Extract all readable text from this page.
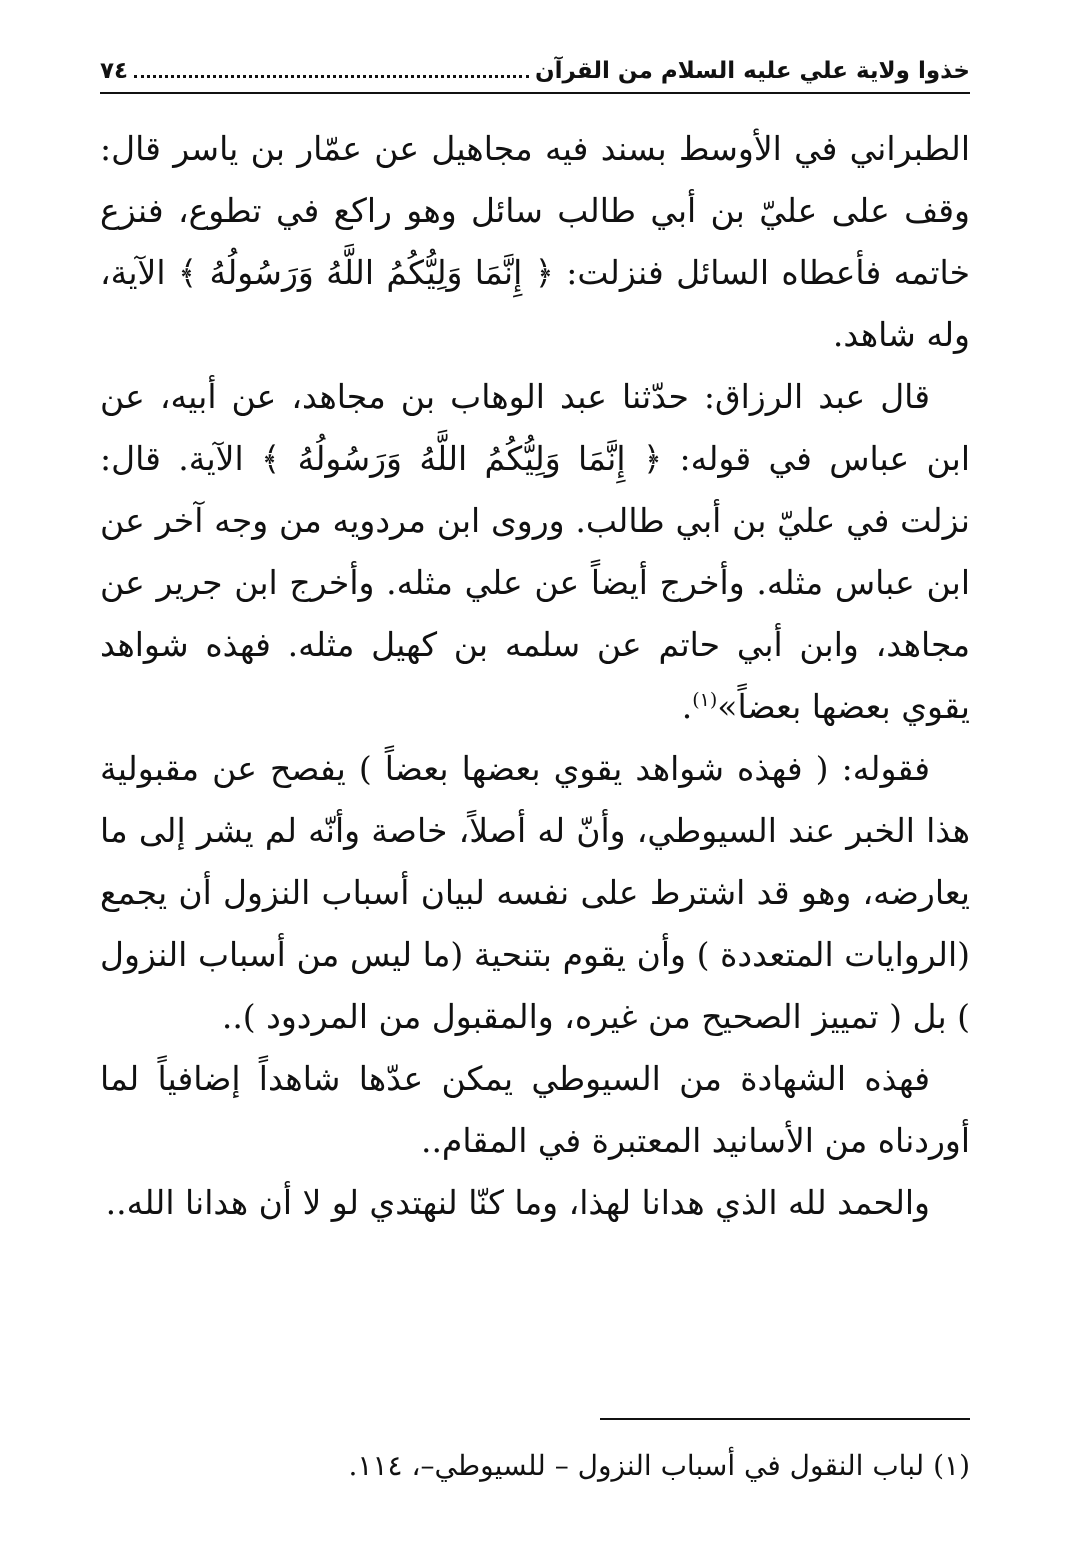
خذوا ولاية علي عليه السلام من القرآن
٧٤

الطبراني في الأوسط بسند فيه مجاهيل عن عمّار بن ياسر قال: وقف على عليّ بن أبي طالب سائل وهو راكع في تطوع، فنزع خاتمه فأعطاه السائل فنزلت: ﴿ إِنَّمَا وَلِيُّكُمُ اللَّهُ وَرَسُولُهُ ﴾ الآية، وله شاهد.

قال عبد الرزاق: حدّثنا عبد الوهاب بن مجاهد، عن أبيه، عن ابن عباس في قوله: ﴿ إِنَّمَا وَلِيُّكُمُ اللَّهُ وَرَسُولُهُ ﴾ الآية. قال: نزلت في عليّ بن أبي طالب. وروى ابن مردويه من وجه آخر عن ابن عباس مثله. وأخرج أيضاً عن علي مثله. وأخرج ابن جرير عن مجاهد، وابن أبي حاتم عن سلمه بن كهيل مثله. فهذه شواهد يقوي بعضها بعضاً»$^{(١)}$.

فقوله: ( فهذه شواهد يقوي بعضها بعضاً ) يفصح عن مقبولية هذا الخبر عند السيوطي، وأنّ له أصلاً، خاصة وأنّه لم يشر إلى ما يعارضه، وهو قد اشترط على نفسه لبيان أسباب النزول أن يجمع (الروايات المتعددة ) وأن يقوم بتنحية (ما ليس من أسباب النزول ) بل ( تمييز الصحيح من غيره، والمقبول من المردود )..

فهذه الشهادة من السيوطي يمكن عدّها شاهداً إضافياً لما أوردناه من الأسانيد المعتبرة في المقام..

والحمد لله الذي هدانا لهذا، وما كنّا لنهتدي لو لا أن هدانا الله..

(١) لباب النقول في أسباب النزول – للسيوطي–، ١١٤.
